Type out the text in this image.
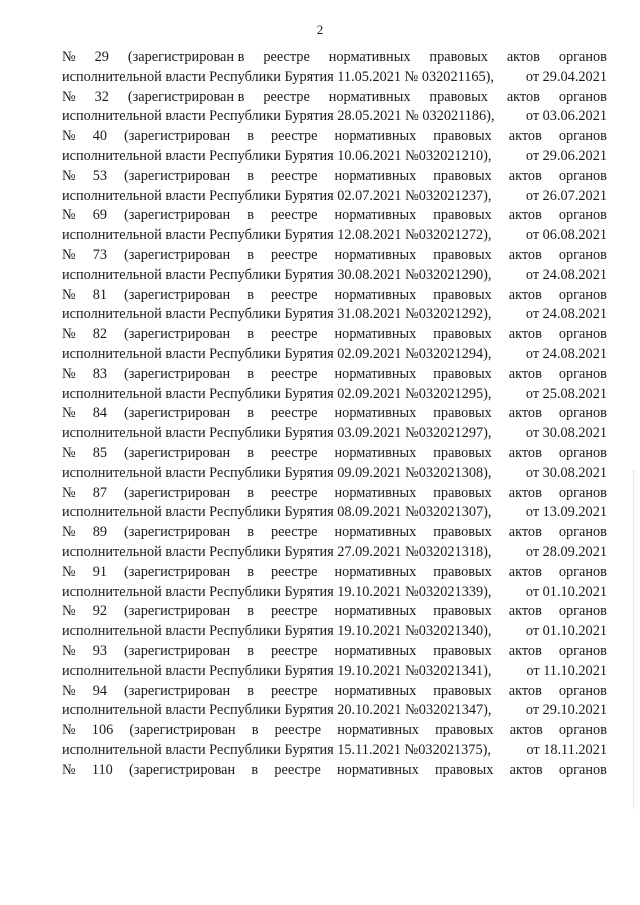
2
№ 29 (зарегистрирован в реестре нормативных правовых актов органов
исполнительной власти Республики Бурятия 11.05.2021 № 032021165), от 29.04.2021
№ 32 (зарегистрирован в реестре нормативных правовых актов органов
исполнительной власти Республики Бурятия 28.05.2021 № 032021186), от 03.06.2021
№ 40 (зарегистрирован в реестре нормативных правовых актов органов
исполнительной власти Республики Бурятия 10.06.2021 №032021210), от 29.06.2021
№ 53 (зарегистрирован в реестре нормативных правовых актов органов
исполнительной власти Республики Бурятия 02.07.2021 №032021237), от 26.07.2021
№ 69 (зарегистрирован в реестре нормативных правовых актов органов
исполнительной власти Республики Бурятия 12.08.2021 №032021272), от 06.08.2021
№ 73 (зарегистрирован в реестре нормативных правовых актов органов
исполнительной власти Республики Бурятия 30.08.2021 №032021290), от 24.08.2021
№ 81 (зарегистрирован в реестре нормативных правовых актов органов
исполнительной власти Республики Бурятия 31.08.2021 №032021292), от 24.08.2021
№ 82 (зарегистрирован в реестре нормативных правовых актов органов
исполнительной власти Республики Бурятия 02.09.2021 №032021294), от 24.08.2021
№ 83 (зарегистрирован в реестре нормативных правовых актов органов
исполнительной власти Республики Бурятия 02.09.2021 №032021295), от 25.08.2021
№ 84 (зарегистрирован в реестре нормативных правовых актов органов
исполнительной власти Республики Бурятия 03.09.2021 №032021297), от 30.08.2021
№ 85 (зарегистрирован в реестре нормативных правовых актов органов
исполнительной власти Республики Бурятия 09.09.2021 №032021308), от 30.08.2021
№ 87 (зарегистрирован в реестре нормативных правовых актов органов
исполнительной власти Республики Бурятия 08.09.2021 №032021307), от 13.09.2021
№ 89 (зарегистрирован в реестре нормативных правовых актов органов
исполнительной власти Республики Бурятия 27.09.2021 №032021318), от 28.09.2021
№ 91 (зарегистрирован в реестре нормативных правовых актов органов
исполнительной власти Республики Бурятия 19.10.2021 №032021339), от 01.10.2021
№ 92 (зарегистрирован в реестре нормативных правовых актов органов
исполнительной власти Республики Бурятия 19.10.2021 №032021340), от 01.10.2021
№ 93 (зарегистрирован в реестре нормативных правовых актов органов
исполнительной власти Республики Бурятия 19.10.2021 №032021341), от 11.10.2021
№ 94 (зарегистрирован в реестре нормативных правовых актов органов
исполнительной власти Республики Бурятия 20.10.2021 №032021347), от 29.10.2021
№ 106 (зарегистрирован в реестре нормативных правовых актов органов
исполнительной власти Республики Бурятия 15.11.2021 №032021375), от 18.11.2021
№ 110 (зарегистрирован в реестре нормативных правовых актов органов
